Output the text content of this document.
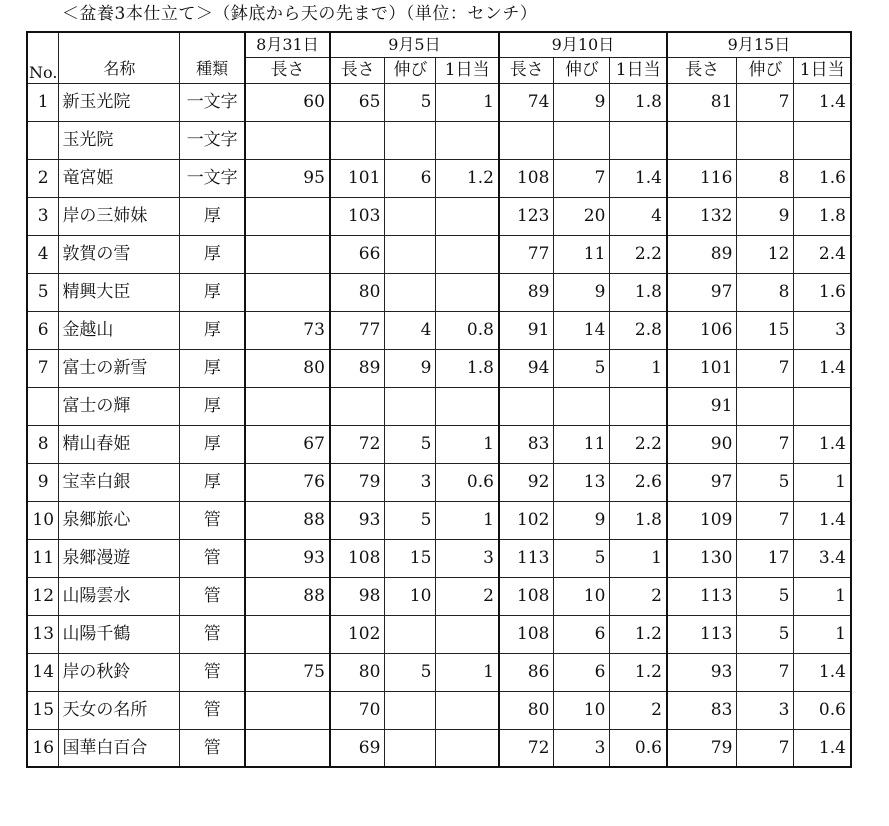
＜盆養3本仕立て＞（鉢底から天の先まで）（単位：センチ）
No.	名称	種類	8月31日	9月5日			9月10日			9月15日		
			長さ	長さ	伸び	1日当	長さ	伸び	1日当	長さ	伸び	1日当
1	新玉光院	一文字	60	65	5	1	74	9	1.8	81	7	1.4
	玉光院	一文字										
2	竜宮姫	一文字	95	101	6	1.2	108	7	1.4	116	8	1.6
3	岸の三姉妹	厚		103			123	20	4	132	9	1.8
4	敦賀の雪	厚		66			77	11	2.2	89	12	2.4
5	精興大臣	厚		80			89	9	1.8	97	8	1.6
6	金越山	厚	73	77	4	0.8	91	14	2.8	106	15	3
7	富士の新雪	厚	80	89	9	1.8	94	5	1	101	7	1.4
	富士の輝	厚								91		
8	精山春姫	厚	67	72	5	1	83	11	2.2	90	7	1.4
9	宝幸白銀	厚	76	79	3	0.6	92	13	2.6	97	5	1
10	泉郷旅心	管	88	93	5	1	102	9	1.8	109	7	1.4
11	泉郷漫遊	管	93	108	15	3	113	5	1	130	17	3.4
12	山陽雲水	管	88	98	10	2	108	10	2	113	5	1
13	山陽千鶴	管		102			108	6	1.2	113	5	1
14	岸の秋鈴	管	75	80	5	1	86	6	1.2	93	7	1.4
15	天女の名所	管		70			80	10	2	83	3	0.6
16	国華白百合	管		69			72	3	0.6	79	7	1.4
